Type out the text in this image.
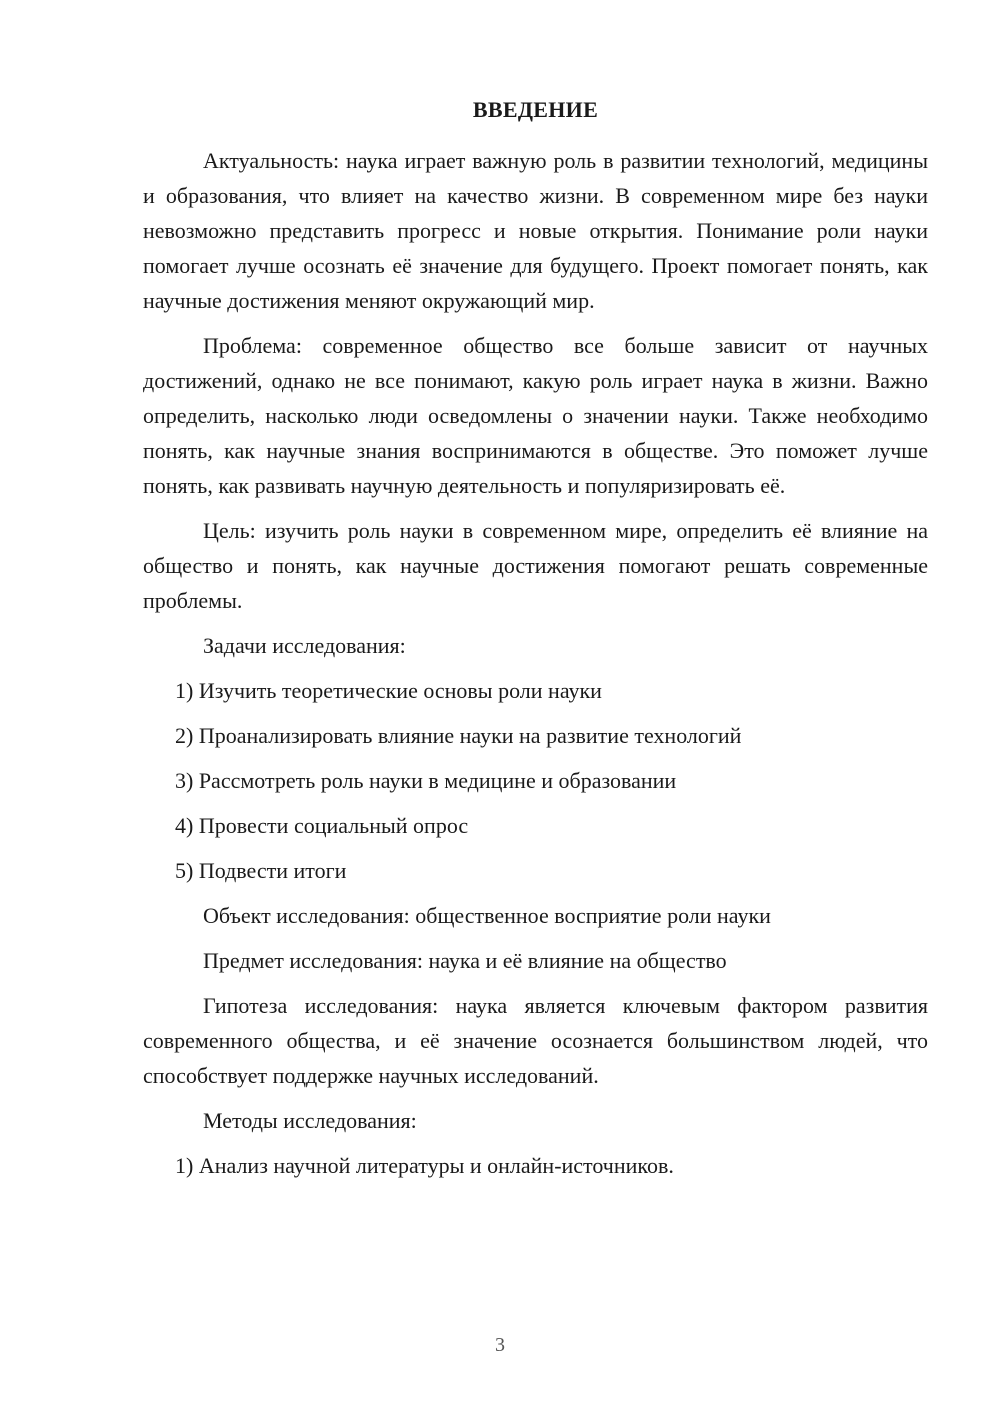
ВВЕДЕНИЕ

Актуальность: наука играет важную роль в развитии технологий, медицины и образования, что влияет на качество жизни. В современном мире без науки невозможно представить прогресс и новые открытия. Понимание роли науки помогает лучше осознать её значение для будущего. Проект помогает понять, как научные достижения меняют окружающий мир.

Проблема: современное общество все больше зависит от научных достижений, однако не все понимают, какую роль играет наука в жизни. Важно определить, насколько люди осведомлены о значении науки. Также необходимо понять, как научные знания воспринимаются в обществе. Это поможет лучше понять, как развивать научную деятельность и популяризировать её.

Цель: изучить роль науки в современном мире, определить её влияние на общество и понять, как научные достижения помогают решать современные проблемы.

Задачи исследования:
1) Изучить теоретические основы роли науки
2) Проанализировать влияние науки на развитие технологий
3) Рассмотреть роль науки в медицине и образовании
4) Провести социальный опрос
5) Подвести итоги
Объект исследования: общественное восприятие роли науки
Предмет исследования: наука и её влияние на общество

Гипотеза исследования: наука является ключевым фактором развития современного общества, и её значение осознается большинством людей, что способствует поддержке научных исследований.

Методы исследования:
1) Анализ научной литературы и онлайн-источников.
3
